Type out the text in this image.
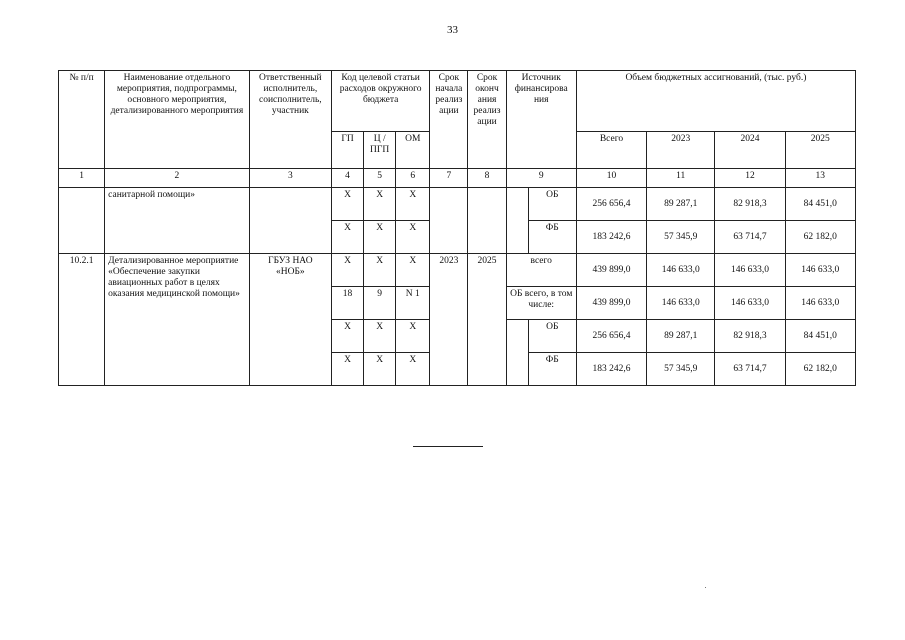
33
№ п/п	Наименование отдельного мероприятия, подпрограммы, основного мероприятия, детализированного мероприятия	Ответственный исполнитель, соисполнитель, участник	Код целевой статьи расходов окружного бюджета			Срок начала реализ ации	Срок оконч ания реализ ации	Источник финансирова ния		Объем бюджетных ассигнований, (тыс. руб.)			
			ГП	Ц / ПГП	ОМ					Всего	2023	2024	2025
1	2	3	4	5	6	7	8	9		10	11	12	13
	санитарной помощи»		Х	Х	Х				ОБ	256 656,4	89 287,1	82 918,3	84 451,0
			Х	Х	Х				ФБ	183 242,6	57 345,9	63 714,7	62 182,0
10.2.1	Детализированное мероприятие «Обеспечение закупки авиационных работ в целях оказания медицинской помощи»	ГБУЗ НАО «НОБ»	Х	Х	Х	2023	2025	всего		439 899,0	146 633,0	146 633,0	146 633,0
			18	9	N 1			ОБ всего, в том числе:		439 899,0	146 633,0	146 633,0	146 633,0
			Х	Х	Х				ОБ	256 656,4	89 287,1	82 918,3	84 451,0
			Х	Х	Х				ФБ	183 242,6	57 345,9	63 714,7	62 182,0
